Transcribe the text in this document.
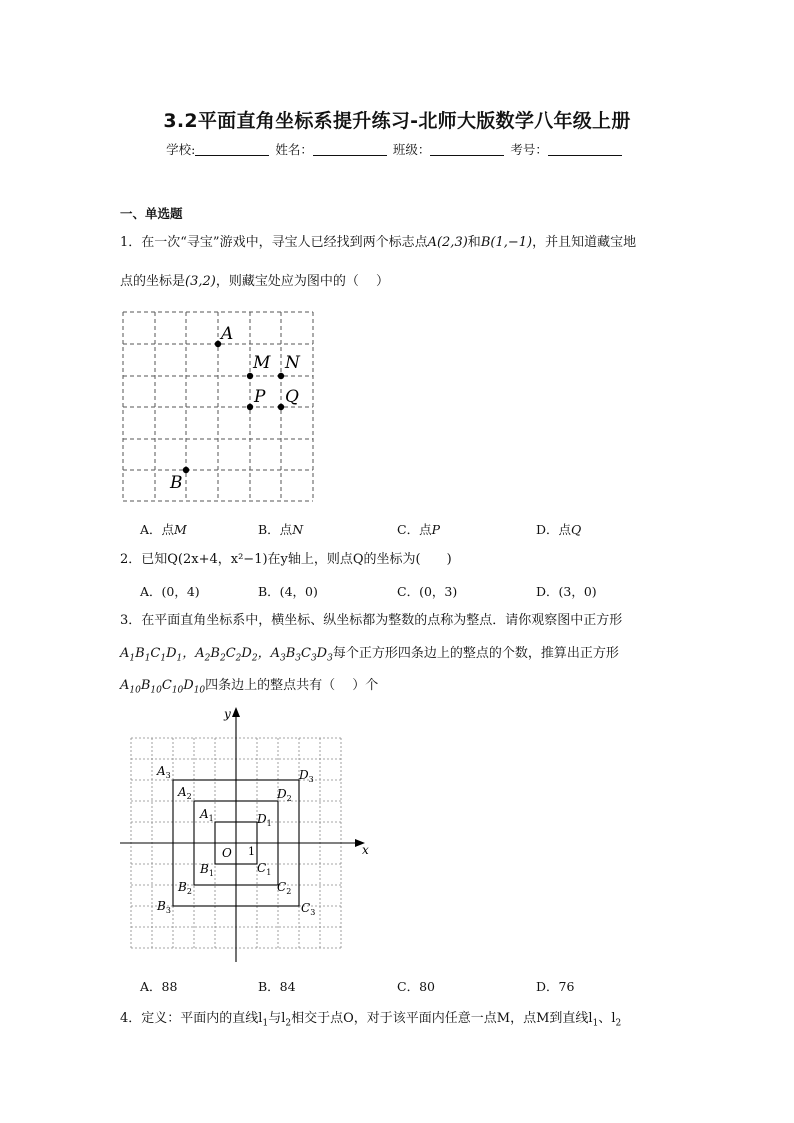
3.2平面直角坐标系提升练习-北师大版数学八年级上册
学校:	姓名：	班级：	考号：
一、单选题
1．在一次“寻宝”游戏中，寻宝人已经找到两个标志点A(2,3)和B(1,−1)，并且知道藏宝地
点的坐标是(3,2)，则藏宝处应为图中的（　 ）
A
B
M N
P Q
A．点M	B．点N	C．点P	D．点Q
2．已知Q(2x+4，x²−1)在y轴上，则点Q的坐标为(　　)
A．(0，4)	B．(4，0)	C．(0，3)	D．(3，0)
3．在平面直角坐标系中，横坐标、纵坐标都为整数的点称为整点．请你观察图中正方形
$A_1B_1C_1D_1$，$A_2B_2C_2D_2$，$A_3B_3C_3D_3$每个正方形四条边上的整点的个数，推算出正方形
$A_{10}B_{10}C_{10}D_{10}$四条边上的整点共有（　 ）个
y
x
O 1
$A_1$	$D_1$
$B_1$	$C_1$
$A_2$	$D_2$
$B_2$	$C_2$
$A_3$	$D_3$
$B_3$	$C_3$
A．88	B．84	C．80	D．76
4．定义：平面内的直线$l_1$与$l_2$相交于点O，对于该平面内任意一点M，点M到直线$l_1$、$l_2$
